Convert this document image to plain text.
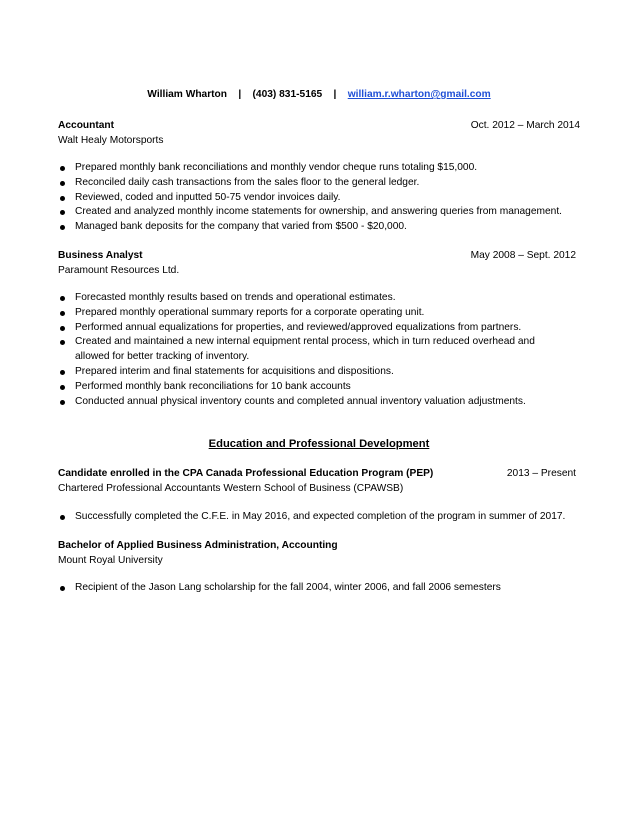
William Wharton | (403) 831-5165 | william.r.wharton@gmail.com
Accountant	Oct. 2012 – March 2014
Walt Healy Motorsports
Prepared monthly bank reconciliations and monthly vendor cheque runs totaling $15,000.
Reconciled daily cash transactions from the sales floor to the general ledger.
Reviewed, coded and inputted 50-75 vendor invoices daily.
Created and analyzed monthly income statements for ownership, and answering queries from management.
Managed bank deposits for the company that varied from $500 - $20,000.
Business Analyst	May 2008 – Sept. 2012
Paramount Resources Ltd.
Forecasted monthly results based on trends and operational estimates.
Prepared monthly operational summary reports for a corporate operating unit.
Performed annual equalizations for properties, and reviewed/approved equalizations from partners.
Created and maintained a new internal equipment rental process, which in turn reduced overhead and allowed for better tracking of inventory.
Prepared interim and final statements for acquisitions and dispositions.
Performed monthly bank reconciliations for 10 bank accounts
Conducted annual physical inventory counts and completed annual inventory valuation adjustments.
Education and Professional Development
Candidate enrolled in the CPA Canada Professional Education Program (PEP)	2013 – Present
Chartered Professional Accountants Western School of Business (CPAWSB)
Successfully completed the C.F.E. in May 2016, and expected completion of the program in summer of 2017.
Bachelor of Applied Business Administration, Accounting
Mount Royal University
Recipient of the Jason Lang scholarship for the fall 2004, winter 2006, and fall 2006 semesters
